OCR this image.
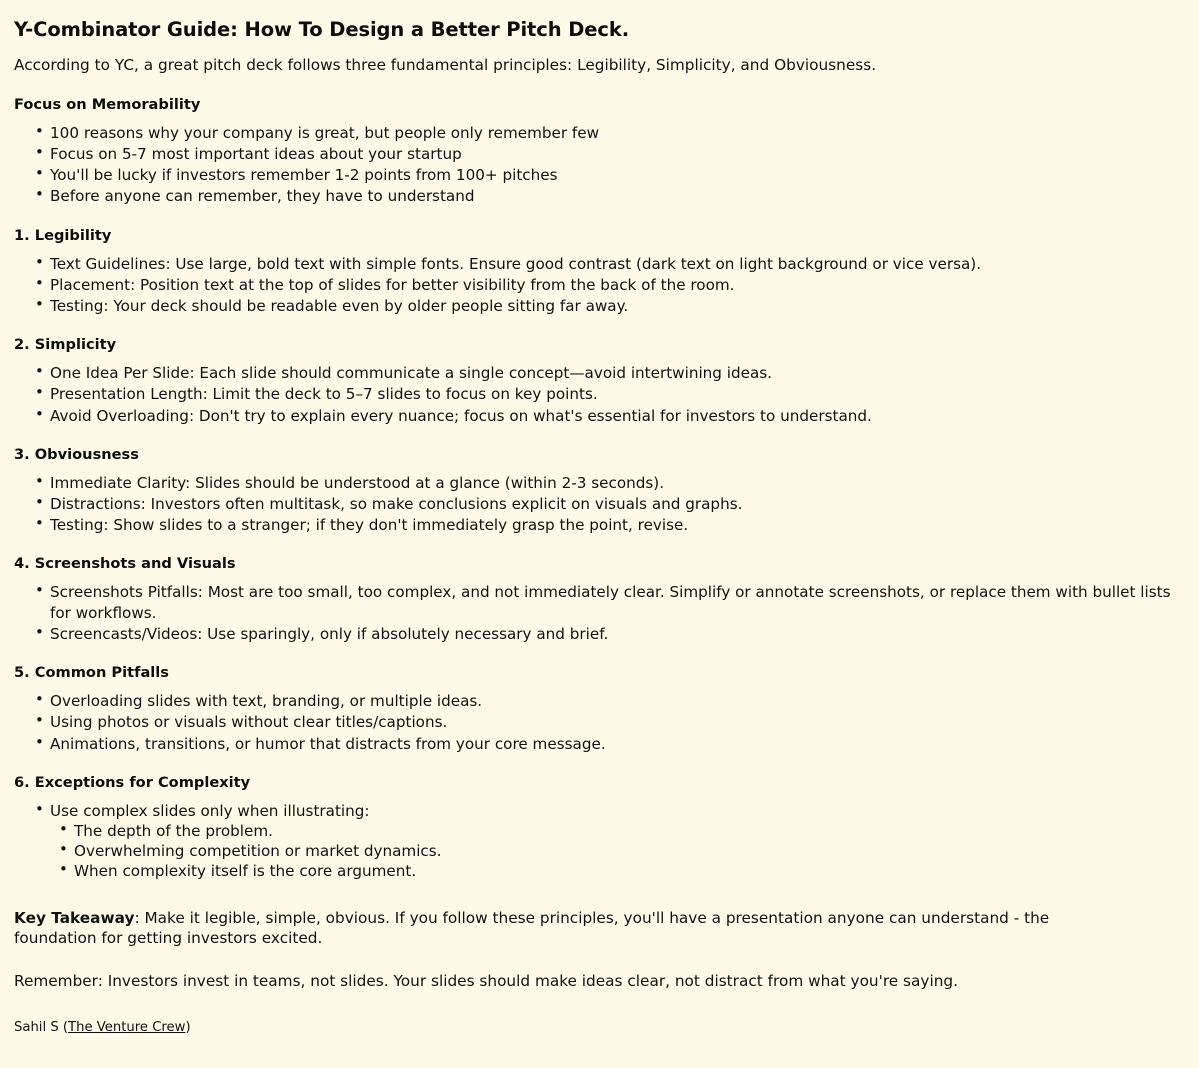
Y-Combinator Guide: How To Design a Better Pitch Deck.

According to YC, a great pitch deck follows three fundamental principles: Legibility, Simplicity, and Obviousness.

Focus on Memorability
• 100 reasons why your company is great, but people only remember few
• Focus on 5-7 most important ideas about your startup
• You'll be lucky if investors remember 1-2 points from 100+ pitches
• Before anyone can remember, they have to understand
1. Legibility
• Text Guidelines: Use large, bold text with simple fonts. Ensure good contrast (dark text on light background or vice versa).
• Placement: Position text at the top of slides for better visibility from the back of the room.
• Testing: Your deck should be readable even by older people sitting far away.
2. Simplicity
• One Idea Per Slide: Each slide should communicate a single concept—avoid intertwining ideas.
• Presentation Length: Limit the deck to 5–7 slides to focus on key points.
• Avoid Overloading: Don't try to explain every nuance; focus on what's essential for investors to understand.
3. Obviousness
• Immediate Clarity: Slides should be understood at a glance (within 2-3 seconds).
• Distractions: Investors often multitask, so make conclusions explicit on visuals and graphs.
• Testing: Show slides to a stranger; if they don't immediately grasp the point, revise.
4. Screenshots and Visuals
• Screenshots Pitfalls: Most are too small, too complex, and not immediately clear. Simplify or annotate screenshots, or replace them with bullet lists for workflows.
• Screencasts/Videos: Use sparingly, only if absolutely necessary and brief.
5. Common Pitfalls
• Overloading slides with text, branding, or multiple ideas.
• Using photos or visuals without clear titles/captions.
• Animations, transitions, or humor that distracts from your core message.
6. Exceptions for Complexity
• Use complex slides only when illustrating:
• The depth of the problem.
• Overwhelming competition or market dynamics.
• When complexity itself is the core argument.

Key Takeaway: Make it legible, simple, obvious. If you follow these principles, you'll have a presentation anyone can understand - the foundation for getting investors excited.

Remember: Investors invest in teams, not slides. Your slides should make ideas clear, not distract from what you're saying.

Sahil S (The Venture Crew)
